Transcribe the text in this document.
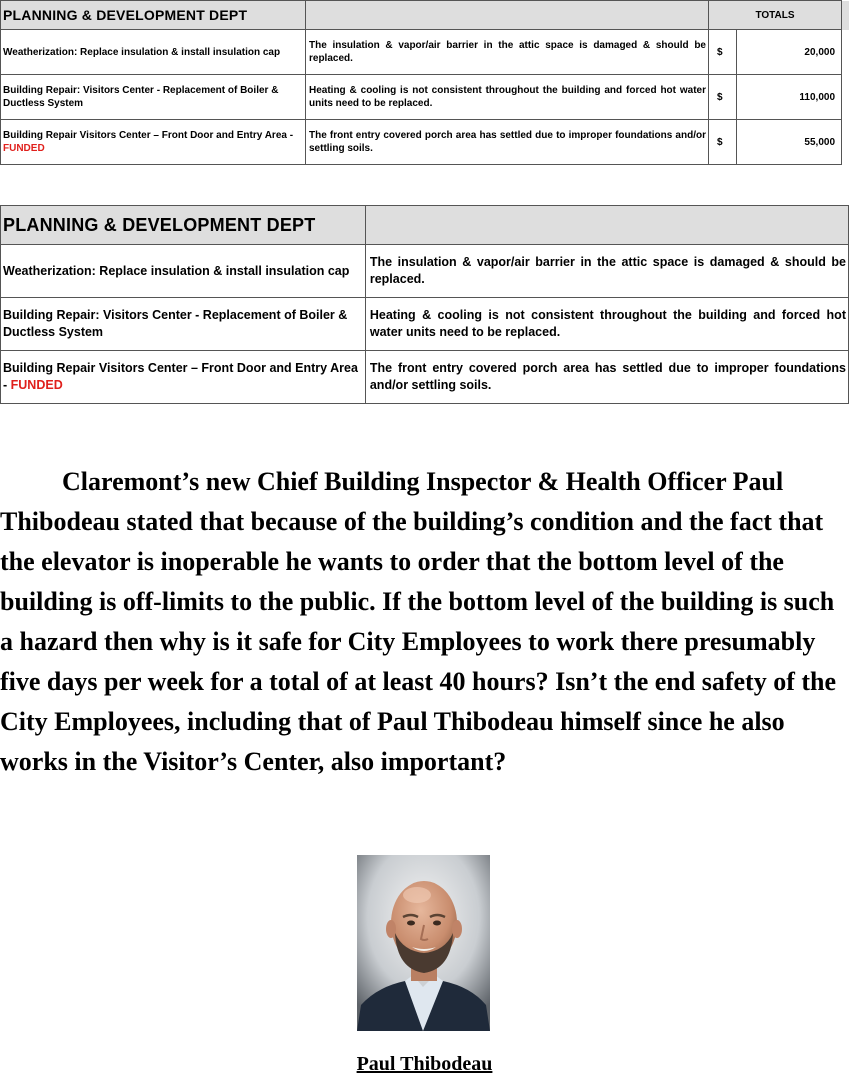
PLANNING & DEVELOPMENT DEPT		TOTALS		
Weatherization: Replace insulation & install insulation cap	The insulation & vapor/air barrier in the attic space is damaged & should be replaced.	$	20,000	
Building Repair: Visitors Center - Replacement of Boiler & Ductless System	Heating & cooling is not consistent throughout the building and forced hot water units need to be replaced.	$	110,000	
Building Repair Visitors Center – Front Door and Entry Area - FUNDED	The front entry covered porch area has settled due to improper foundations and/or settling soils.	$	55,000	
PLANNING & DEVELOPMENT DEPT	
Weatherization: Replace insulation & install insulation cap	The insulation & vapor/air barrier in the attic space is damaged & should be replaced.
Building Repair: Visitors Center - Replacement of Boiler & Ductless System	Heating & cooling is not consistent throughout the building and forced hot water units need to be replaced.
Building Repair Visitors Center – Front Door and Entry Area - FUNDED	The front entry covered porch area has settled due to improper foundations and/or settling soils.

Claremont’s new Chief Building Inspector & Health Officer Paul Thibodeau stated that because of the building’s condition and the fact that the elevator is inoperable he wants to order that the bottom level of the building is off-limits to the public. If the bottom level of the building is such a hazard then why is it safe for City Employees to work there presumably five days per week for a total of at least 40 hours? Isn’t the end safety of the City Employees, including that of Paul Thibodeau himself since he also works in the Visitor’s Center, also important?

Paul Thibodeau
